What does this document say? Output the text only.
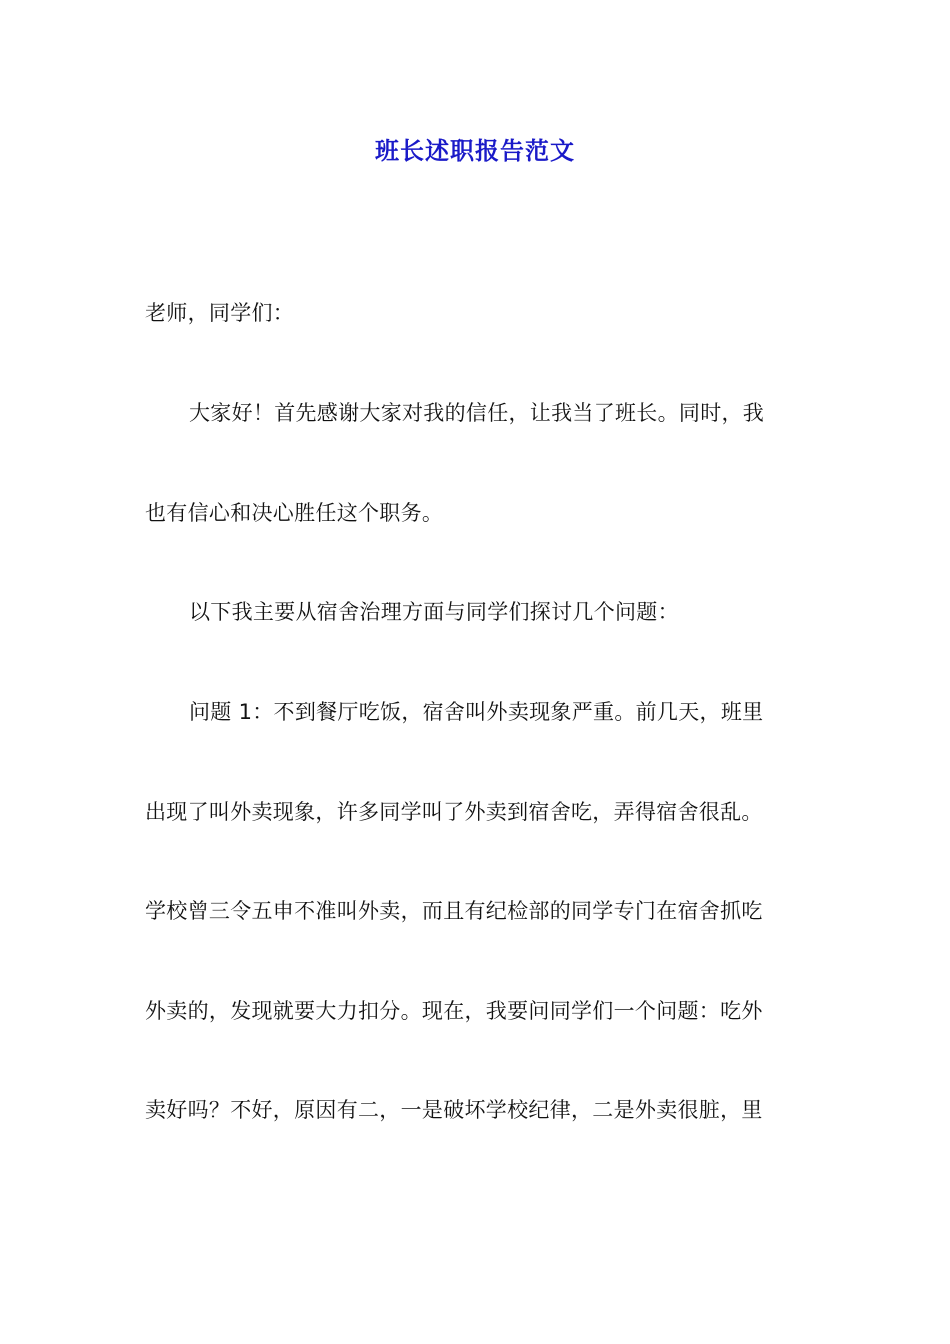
班长述职报告范文
老师，同学们：
大家好！首先感谢大家对我的信任，让我当了班长。同时，我
也有信心和决心胜任这个职务。
以下我主要从宿舍治理方面与同学们探讨几个问题：
问题 1：不到餐厅吃饭，宿舍叫外卖现象严重。前几天，班里
出现了叫外卖现象，许多同学叫了外卖到宿舍吃，弄得宿舍很乱。
学校曾三令五申不准叫外卖，而且有纪检部的同学专门在宿舍抓吃
外卖的，发现就要大力扣分。现在，我要问同学们一个问题：吃外
卖好吗？不好，原因有二，一是破坏学校纪律，二是外卖很脏，里
